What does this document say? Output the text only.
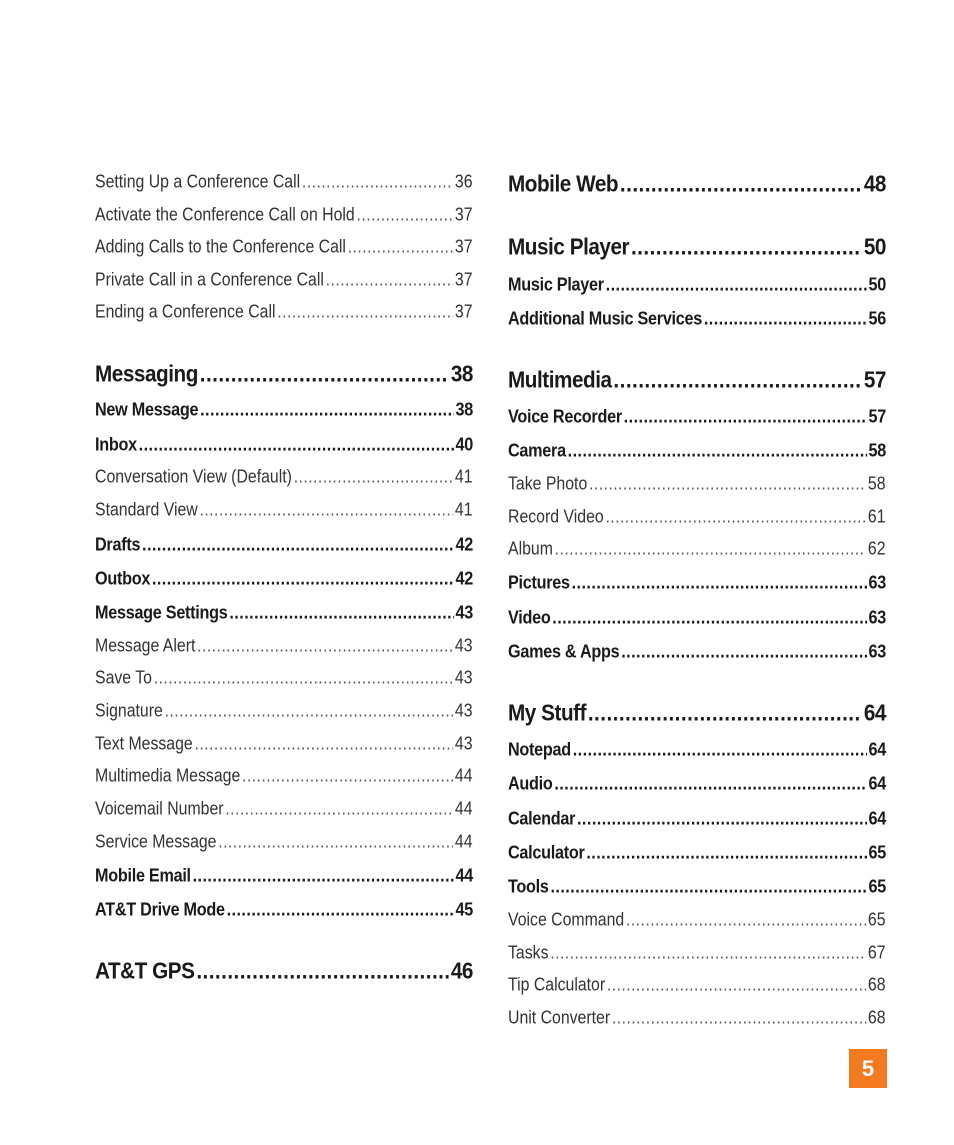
Setting Up a Conference Call .....	36
Activate the Conference Call on Hold .....	37
Adding Calls to the Conference Call .....	37
Private Call in a Conference Call .....	37
Ending a Conference Call .....	37
Messaging .....	38
New Message .....	38
Inbox .....	40
Conversation View (Default) .....	41
Standard View .....	41
Drafts .....	42
Outbox .....	42
Message Settings .....	43
Message Alert .....	43
Save To .....	43
Signature .....	43
Text Message .....	43
Multimedia Message .....	44
Voicemail Number .....	44
Service Message .....	44
Mobile Email .....	44
AT&T Drive Mode .....	45
AT&T GPS .....	46
Mobile Web .....	48
Music Player .....	50
Music Player .....	50
Additional Music Services .....	56
Multimedia .....	57
Voice Recorder .....	57
Camera .....	58
Take Photo .....	58
Record Video .....	61
Album .....	62
Pictures .....	63
Video .....	63
Games & Apps .....	63
My Stuff .....	64
Notepad .....	64
Audio .....	64
Calendar .....	64
Calculator .....	65
Tools .....	65
Voice Command .....	65
Tasks .....	67
Tip Calculator .....	68
Unit Converter .....	68
5
